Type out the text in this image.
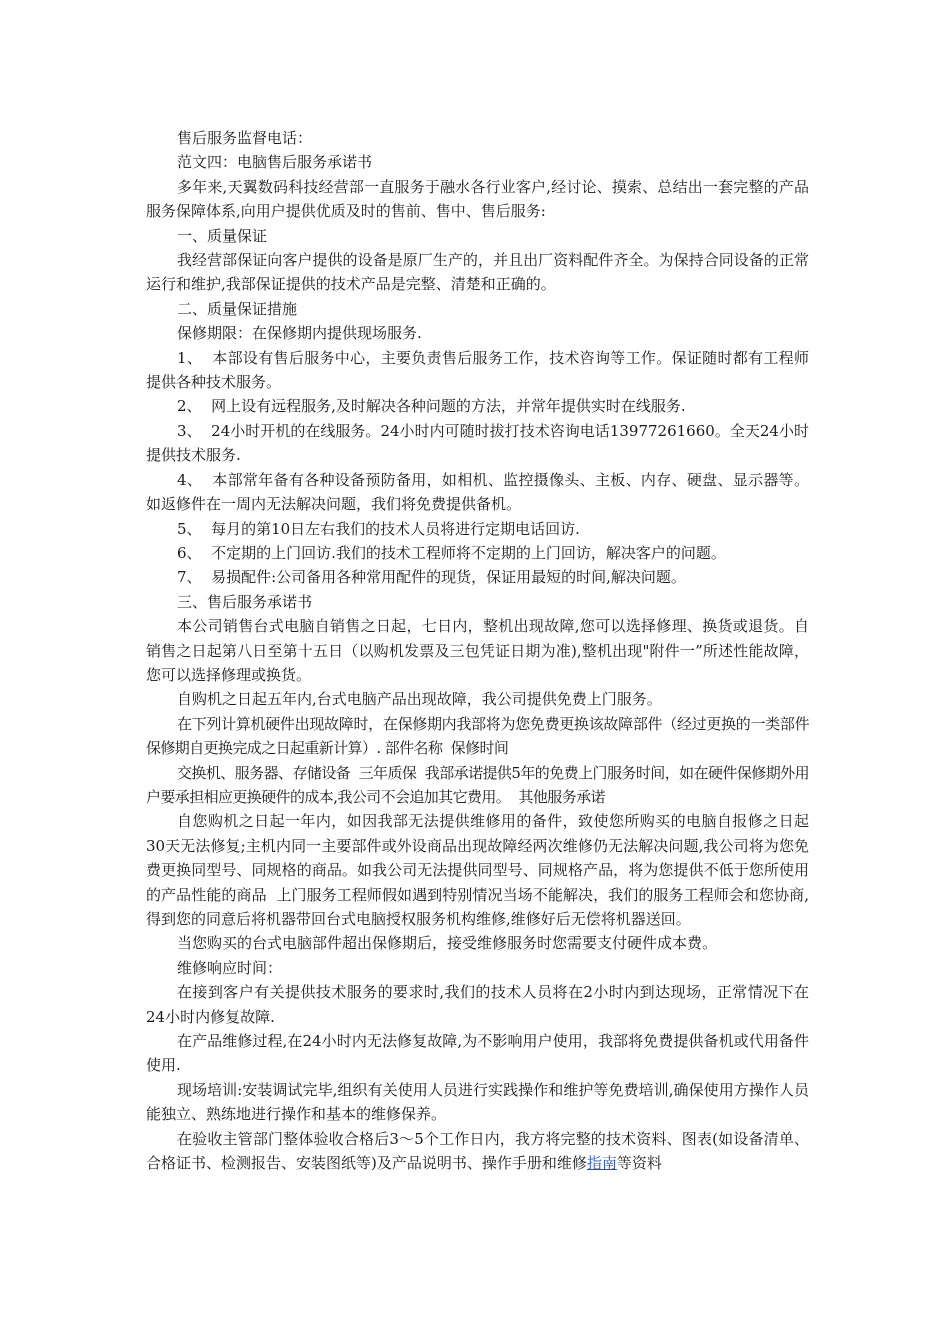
售后服务监督电话：

范文四：电脑售后服务承诺书

多年来,天翼数码科技经营部一直服务于融水各行业客户,经讨论、摸索、总结出一套完整的产品服务保障体系,向用户提供优质及时的售前、售中、售后服务:

一、质量保证

我经营部保证向客户提供的设备是原厂生产的，并且出厂资料配件齐全。为保持合同设备的正常运行和维护,我部保证提供的技术产品是完整、清楚和正确的。

二、质量保证措施

保修期限：在保修期内提供现场服务.

1、  本部设有售后服务中心，主要负责售后服务工作，技术咨询等工作。保证随时都有工程师提供各种技术服务。

2、  网上设有远程服务,及时解决各种问题的方法，并常年提供实时在线服务.

3、  24小时开机的在线服务。24小时内可随时拔打技术咨询电话13977261660。全天24小时提供技术服务.

4、  本部常年备有各种设备预防备用，如相机、监控摄像头、主板、内存、硬盘、显示器等。如返修件在一周内无法解决问题，我们将免费提供备机。

5、  每月的第10日左右我们的技术人员将进行定期电话回访.

6、  不定期的上门回访.我们的技术工程师将不定期的上门回访，解决客户的问题。

7、  易损配件:公司备用各种常用配件的现货，保证用最短的时间,解决问题。

三、售后服务承诺书

本公司销售台式电脑自销售之日起，七日内，整机出现故障,您可以选择修理、换货或退货。自销售之日起第八日至第十五日（以购机发票及三包凭证日期为准),整机出现"附件一”所述性能故障，您可以选择修理或换货。

自购机之日起五年内,台式电脑产品出现故障，我公司提供免费上门服务。

在下列计算机硬件出现故障时，在保修期内我部将为您免费更换该故障部件（经过更换的一类部件保修期自更换完成之日起重新计算）. 部件名称  保修时间

交换机、服务器、存储设备  三年质保  我部承诺提供5年的免费上门服务时间，如在硬件保修期外用户要承担相应更换硬件的成本,我公司不会追加其它费用。  其他服务承诺

自您购机之日起一年内，如因我部无法提供维修用的备件，致使您所购买的电脑自报修之日起30天无法修复;主机内同一主要部件或外设商品出现故障经两次维修仍无法解决问题,我公司将为您免费更换同型号、同规格的商品。如我公司无法提供同型号、同规格产品，将为您提供不低于您所使用的产品性能的商品  上门服务工程师假如遇到特别情况当场不能解决，我们的服务工程师会和您协商,得到您的同意后将机器带回台式电脑授权服务机构维修,维修好后无偿将机器送回。

当您购买的台式电脑部件超出保修期后，接受维修服务时您需要支付硬件成本费。

维修响应时间：

在接到客户有关提供技术服务的要求时,我们的技术人员将在2小时内到达现场，正常情况下在24小时内修复故障.

在产品维修过程,在24小时内无法修复故障,为不影响用户使用，我部将免费提供备机或代用备件使用.

现场培训:安装调试完毕,组织有关使用人员进行实践操作和维护等免费培训,确保使用方操作人员能独立、熟练地进行操作和基本的维修保养。

在验收主管部门整体验收合格后3～5个工作日内，我方将完整的技术资料、图表(如设备清单、合格证书、检测报告、安装图纸等)及产品说明书、操作手册和维修指南等资料
